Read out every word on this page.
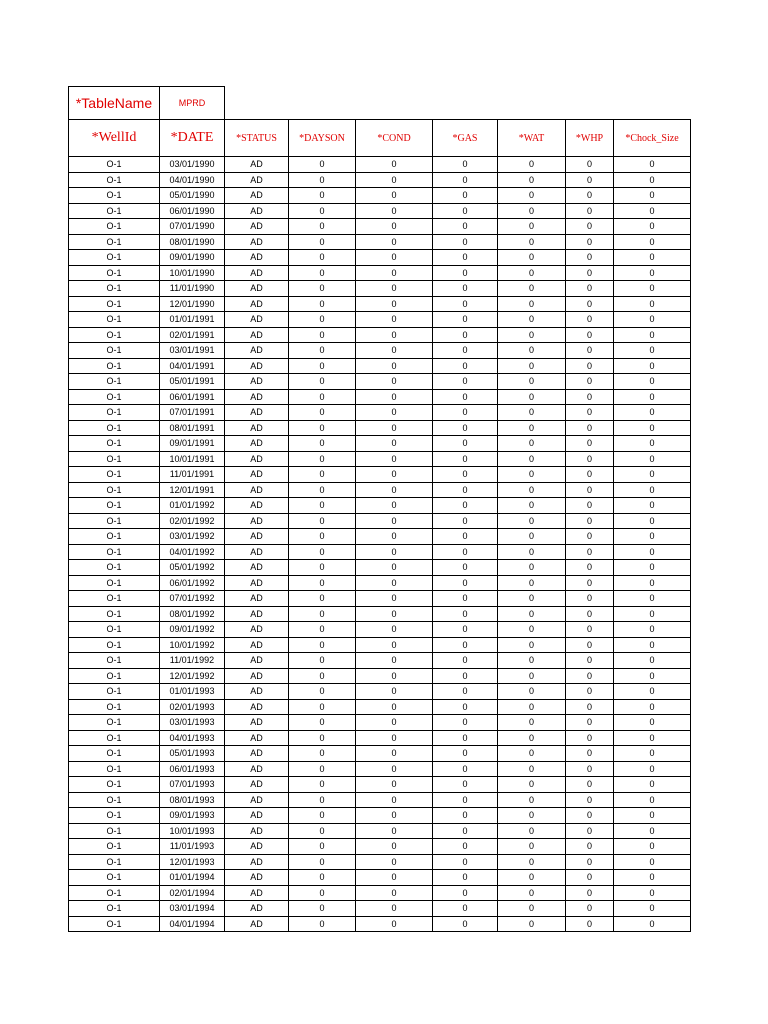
*TableName	MPRD							
*WellId	*DATE	*STATUS	*DAYSON	*COND	*GAS	*WAT	*WHP	*Chock_Size
O-1	03/01/1990	AD	0	0	0	0	0	0
O-1	04/01/1990	AD	0	0	0	0	0	0
O-1	05/01/1990	AD	0	0	0	0	0	0
O-1	06/01/1990	AD	0	0	0	0	0	0
O-1	07/01/1990	AD	0	0	0	0	0	0
O-1	08/01/1990	AD	0	0	0	0	0	0
O-1	09/01/1990	AD	0	0	0	0	0	0
O-1	10/01/1990	AD	0	0	0	0	0	0
O-1	11/01/1990	AD	0	0	0	0	0	0
O-1	12/01/1990	AD	0	0	0	0	0	0
O-1	01/01/1991	AD	0	0	0	0	0	0
O-1	02/01/1991	AD	0	0	0	0	0	0
O-1	03/01/1991	AD	0	0	0	0	0	0
O-1	04/01/1991	AD	0	0	0	0	0	0
O-1	05/01/1991	AD	0	0	0	0	0	0
O-1	06/01/1991	AD	0	0	0	0	0	0
O-1	07/01/1991	AD	0	0	0	0	0	0
O-1	08/01/1991	AD	0	0	0	0	0	0
O-1	09/01/1991	AD	0	0	0	0	0	0
O-1	10/01/1991	AD	0	0	0	0	0	0
O-1	11/01/1991	AD	0	0	0	0	0	0
O-1	12/01/1991	AD	0	0	0	0	0	0
O-1	01/01/1992	AD	0	0	0	0	0	0
O-1	02/01/1992	AD	0	0	0	0	0	0
O-1	03/01/1992	AD	0	0	0	0	0	0
O-1	04/01/1992	AD	0	0	0	0	0	0
O-1	05/01/1992	AD	0	0	0	0	0	0
O-1	06/01/1992	AD	0	0	0	0	0	0
O-1	07/01/1992	AD	0	0	0	0	0	0
O-1	08/01/1992	AD	0	0	0	0	0	0
O-1	09/01/1992	AD	0	0	0	0	0	0
O-1	10/01/1992	AD	0	0	0	0	0	0
O-1	11/01/1992	AD	0	0	0	0	0	0
O-1	12/01/1992	AD	0	0	0	0	0	0
O-1	01/01/1993	AD	0	0	0	0	0	0
O-1	02/01/1993	AD	0	0	0	0	0	0
O-1	03/01/1993	AD	0	0	0	0	0	0
O-1	04/01/1993	AD	0	0	0	0	0	0
O-1	05/01/1993	AD	0	0	0	0	0	0
O-1	06/01/1993	AD	0	0	0	0	0	0
O-1	07/01/1993	AD	0	0	0	0	0	0
O-1	08/01/1993	AD	0	0	0	0	0	0
O-1	09/01/1993	AD	0	0	0	0	0	0
O-1	10/01/1993	AD	0	0	0	0	0	0
O-1	11/01/1993	AD	0	0	0	0	0	0
O-1	12/01/1993	AD	0	0	0	0	0	0
O-1	01/01/1994	AD	0	0	0	0	0	0
O-1	02/01/1994	AD	0	0	0	0	0	0
O-1	03/01/1994	AD	0	0	0	0	0	0
O-1	04/01/1994	AD	0	0	0	0	0	0
